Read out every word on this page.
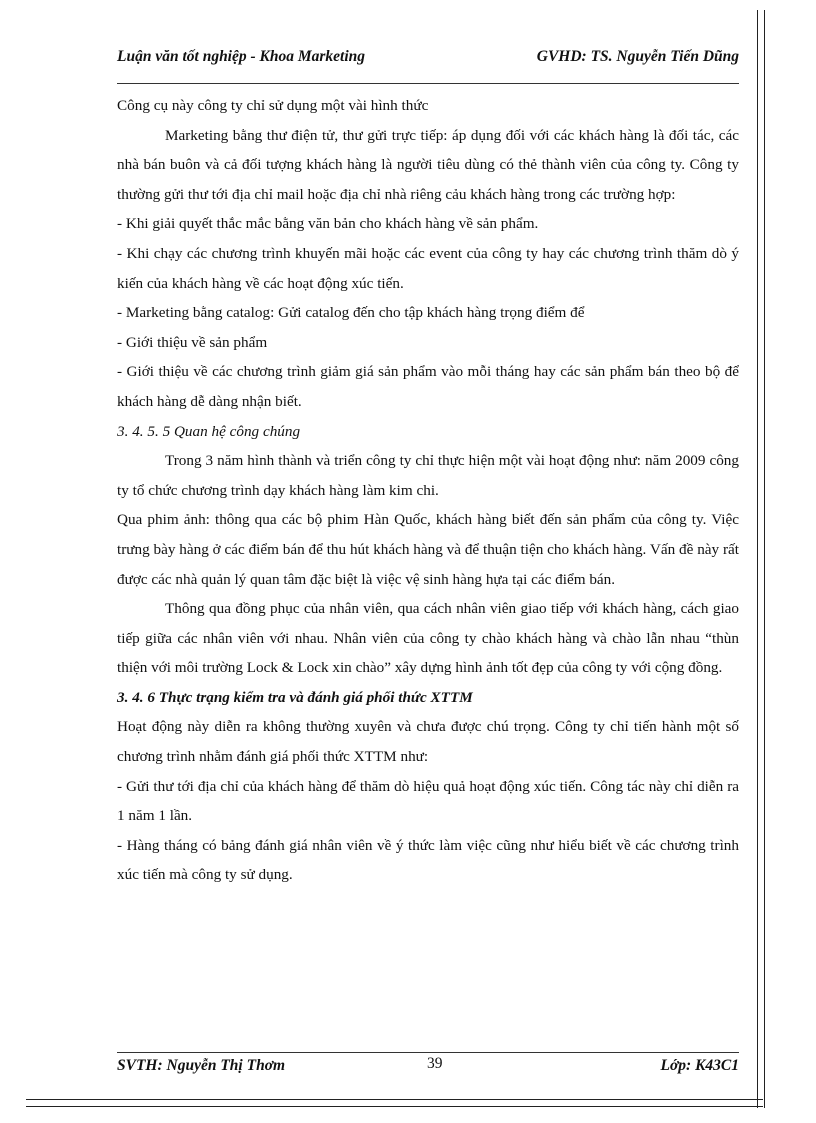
Luận văn tốt nghiệp - Khoa Marketing	GVHD: TS. Nguyễn Tiến Dũng

Công cụ này công ty chỉ sử dụng một vài hình thức

Marketing bằng thư điện tử, thư gửi trực tiếp: áp dụng đối với các khách hàng là đối tác, các nhà bán buôn và cả đối tượng khách hàng là người tiêu dùng có thẻ thành viên của công ty. Công ty thường gửi thư tới địa chỉ mail hoặc địa chỉ nhà riêng cảu khách hàng trong các trường hợp:

- Khi giải quyết thắc mắc bằng văn bản cho khách hàng về sản phẩm.

- Khi chạy các chương trình khuyến mãi hoặc các event của công ty hay các chương trình thăm dò ý kiến của khách hàng về các hoạt động xúc tiến.

- Marketing bằng catalog: Gửi catalog đến cho tập khách hàng trọng điểm để

- Giới thiệu về sản phẩm

- Giới thiệu về các chương trình giảm giá sản phẩm vào mỗi tháng hay các sản phẩm bán theo bộ để khách hàng dễ dàng nhận biết.

3. 4. 5. 5 Quan hệ công chúng

Trong 3 năm hình thành và triển công ty chỉ thực hiện một vài hoạt động như: năm 2009 công ty tổ chức chương trình dạy khách hàng làm kim chi.

Qua phim ảnh: thông qua các bộ phim Hàn Quốc, khách hàng biết đến sản phẩm của công ty. Việc trưng bày hàng ở các điểm bán để thu hút khách hàng và để thuận tiện cho khách hàng. Vấn đề này rất được các nhà quản lý quan tâm đặc biệt là việc vệ sinh hàng hựa tại các điểm bán.

Thông qua đồng phục của nhân viên, qua cách nhân viên giao tiếp với khách hàng, cách giao tiếp giữa các nhân viên với nhau. Nhân viên của công ty chào khách hàng và chào lẫn nhau “thùn thiện với môi trường Lock & Lock xin chào” xây dựng hình ảnh tốt đẹp của công ty với cộng đồng.

3. 4. 6 Thực trạng kiểm tra và đánh giá phối thức XTTM

Hoạt động này diễn ra không thường xuyên và chưa được chú trọng. Công ty chỉ tiến hành một số chương trình nhằm đánh giá phối thức XTTM như:

- Gửi thư tới địa chỉ của khách hàng để thăm dò hiệu quả hoạt động xúc tiến. Công tác này chỉ diễn ra 1 năm 1 lần.

- Hàng tháng có bảng đánh giá nhân viên về ý thức làm việc cũng như hiểu biết về các chương trình xúc tiến mà công ty sử dụng.

SVTH: Nguyễn Thị Thơm	39	Lớp: K43C1
